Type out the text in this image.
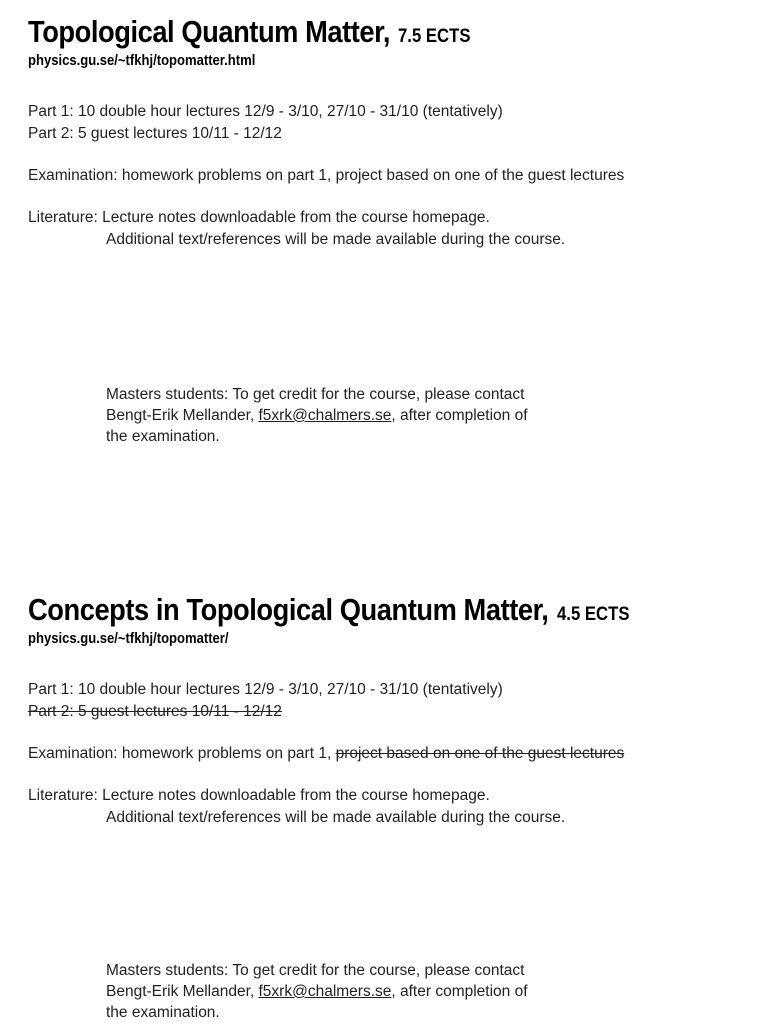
Topological Quantum Matter, 7.5 ECTS
physics.gu.se/~tfkhj/topomatter.html
Part 1: 10 double hour lectures 12/9 - 3/10, 27/10 - 31/10 (tentatively)
Part 2: 5 guest lectures 10/11 - 12/12
Examination: homework problems on part 1, project based on one of the guest lectures
Literature: Lecture notes downloadable from the course homepage.
Additional text/references will be made available during the course.
Masters students: To get credit for the course, please contact
Bengt-Erik Mellander, f5xrk@chalmers.se, after completion of
the examination.
Concepts in Topological Quantum Matter, 4.5 ECTS
physics.gu.se/~tfkhj/topomatter/
Part 1: 10 double hour lectures 12/9 - 3/10, 27/10 - 31/10 (tentatively)
Part 2: 5 guest lectures 10/11 - 12/12
Examination: homework problems on part 1, project based on one of the guest lectures
Literature: Lecture notes downloadable from the course homepage.
Additional text/references will be made available during the course.
Masters students: To get credit for the course, please contact
Bengt-Erik Mellander, f5xrk@chalmers.se, after completion of
the examination.
